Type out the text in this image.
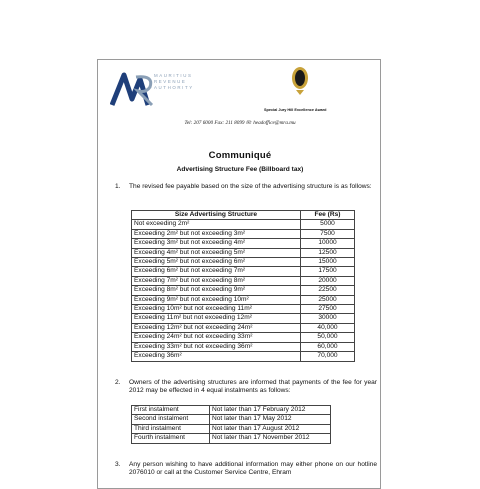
MAURITIUS
REVENUE
AUTHORITY
Special Jury Hill Excellence Award
Tel: 207 6000 Fax: 211 8099 ✉: headoffice@mra.mu
Communiqué
Advertising Structure Fee (Billboard tax)
1. The revised fee payable based on the size of the advertising structure is as follows:
Size Advertising Structure	Fee (Rs)
Not exceeding 2m²	5000
Exceeding 2m² but not exceeding 3m²	7500
Exceeding 3m² but not exceeding 4m²	10000
Exceeding 4m² but not exceeding 5m²	12500
Exceeding 5m² but not exceeding 6m²	15000
Exceeding 6m² but not exceeding 7m²	17500
Exceeding 7m² but not exceeding 8m²	20000
Exceeding 8m² but not exceeding 9m²	22500
Exceeding 9m² but not exceeding 10m²	25000
Exceeding 10m² but not exceeding 11m²	27500
Exceeding 11m² but not exceeding 12m²	30000
Exceeding 12m² but not exceeding 24m²	40,000
Exceeding 24m² but not exceeding 33m²	50,000
Exceeding 33m² but not exceeding 36m²	60,000
Exceeding 36m²	70,000
2. Owners of the advertising structures are informed that payments of the fee for year 2012 may be effected in 4 equal instalments as follows:
First instalment	Not later than 17 February 2012
Second instalment	Not later than 17 May 2012
Third instalment	Not later than 17 August 2012
Fourth instalment	Not later than 17 November 2012
3. Any person wishing to have additional information may either phone on our hotline 2076010 or call at the Customer Service Centre, Ehram
